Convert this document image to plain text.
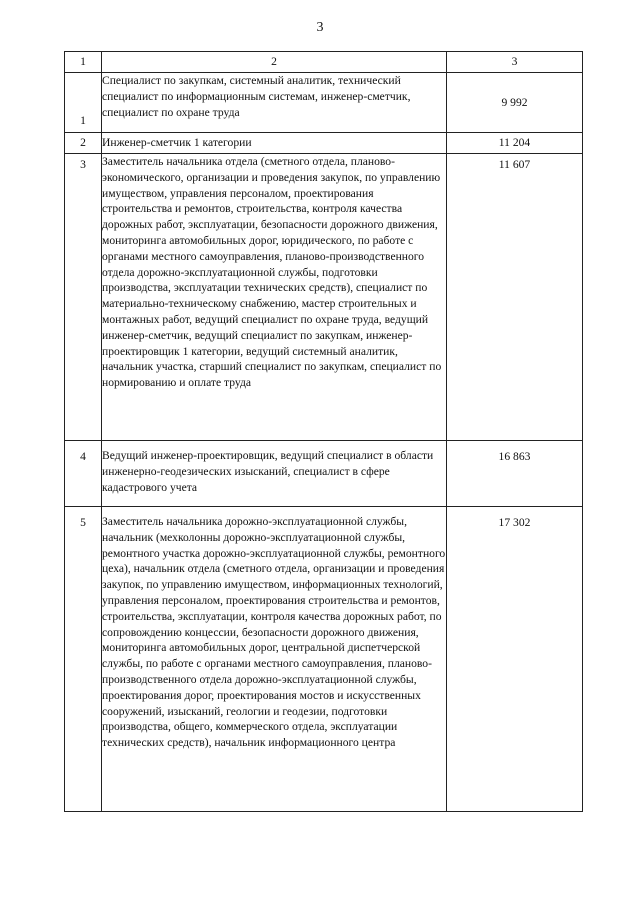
3
1	2	3
1	Специалист по закупкам, системный аналитик, технический специалист по информационным системам, инженер-сметчик, специалист по охране труда	9 992
2	Инженер-сметчик 1 категории	11 204
3	Заместитель начальника отдела (сметного отдела, планово-экономического, организации и проведения закупок, по управлению имуществом, управления персоналом, проектирования строительства и ремонтов, строительства, контроля качества дорожных работ, эксплуатации, безопасности дорожного движения, мониторинга автомобильных дорог, юридического, по работе с органами местного самоуправления, планово-производственного отдела дорожно-эксплуатационной службы, подготовки производства, эксплуатации технических средств), специалист по материально-техническому снабжению, мастер строительных и монтажных работ, ведущий специалист по охране труда, ведущий инженер-сметчик, ведущий специалист по закупкам, инженер-проектировщик 1 категории, ведущий системный аналитик, начальник участка, старший специалист по закупкам, специалист по нормированию и оплате труда	11 607
4	Ведущий инженер-проектировщик, ведущий специалист в области инженерно-геодезических изысканий, специалист в сфере кадастрового учета	16 863
5	Заместитель начальника дорожно-эксплуатационной службы, начальник (мехколонны дорожно-эксплуатационной службы, ремонтного участка дорожно-эксплуатационной службы, ремонтного цеха), начальник отдела (сметного отдела, организации и проведения закупок, по управлению имуществом, информационных технологий, управления персоналом, проектирования строительства и ремонтов, строительства, эксплуатации, контроля качества дорожных работ, по сопровождению концессии, безопасности дорожного движения, мониторинга автомобильных дорог, центральной диспетчерской службы, по работе с органами местного самоуправления, планово-производственного отдела дорожно-эксплуатационной службы, проектирования дорог, проектирования мостов и искусственных сооружений, изысканий, геологии и геодезии, подготовки производства, общего, коммерческого отдела, эксплуатации технических средств), начальник информационного центра	17 302
